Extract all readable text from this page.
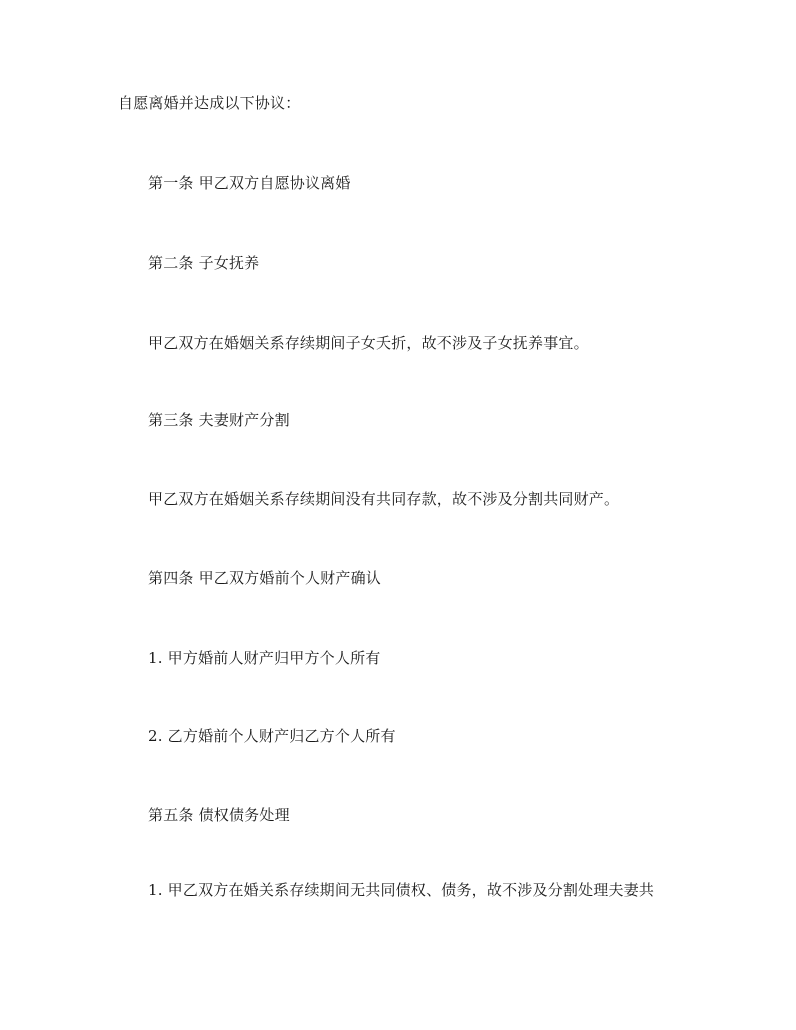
自愿离婚并达成以下协议：
第一条 甲乙双方自愿协议离婚
第二条 子女抚养
甲乙双方在婚姻关系存续期间子女夭折，故不涉及子女抚养事宜。
第三条 夫妻财产分割
甲乙双方在婚姻关系存续期间没有共同存款，故不涉及分割共同财产。
第四条 甲乙双方婚前个人财产确认
1. 甲方婚前人财产归甲方个人所有
2. 乙方婚前个人财产归乙方个人所有
第五条 债权债务处理
1. 甲乙双方在婚关系存续期间无共同债权、债务，故不涉及分割处理夫妻共
